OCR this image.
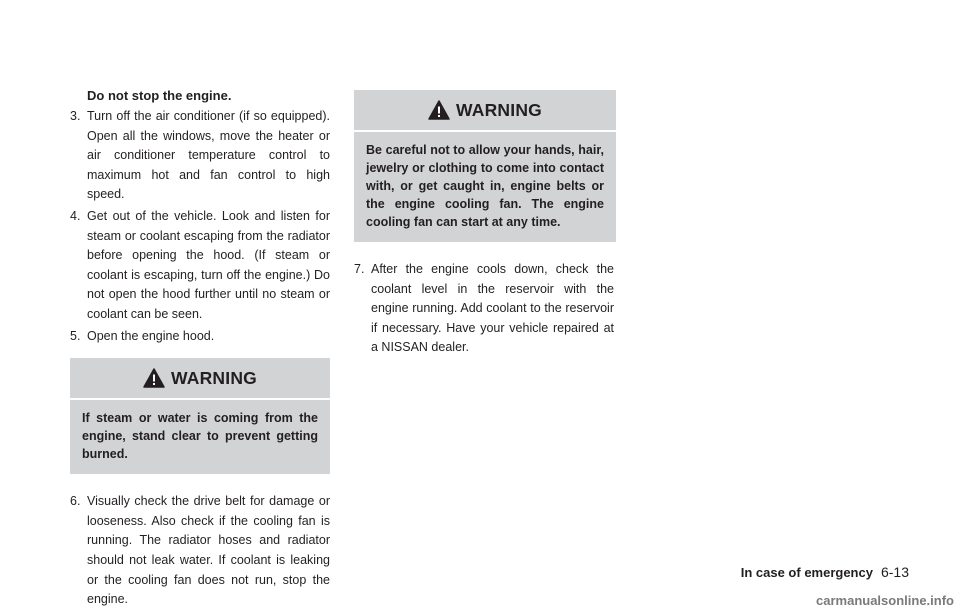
Do not stop the engine.

3. Turn off the air conditioner (if so equipped). Open all the windows, move the heater or air conditioner temperature control to maximum hot and fan control to high speed.

4. Get out of the vehicle. Look and listen for steam or coolant escaping from the radiator before opening the hood. (If steam or coolant is escaping, turn off the engine.) Do not open the hood further until no steam or coolant can be seen.

5. Open the engine hood.

WARNING
If steam or water is coming from the engine, stand clear to prevent getting burned.

6. Visually check the drive belt for damage or looseness. Also check if the cooling fan is running. The radiator hoses and radiator should not leak water. If coolant is leaking or the cooling fan does not run, stop the engine.

WARNING
Be careful not to allow your hands, hair, jewelry or clothing to come into contact with, or get caught in, engine belts or the engine cooling fan. The engine cooling fan can start at any time.

7. After the engine cools down, check the coolant level in the reservoir with the engine running. Add coolant to the reservoir if necessary. Have your vehicle repaired at a NISSAN dealer.

In case of emergency 6-13
carmanualsonline.info
